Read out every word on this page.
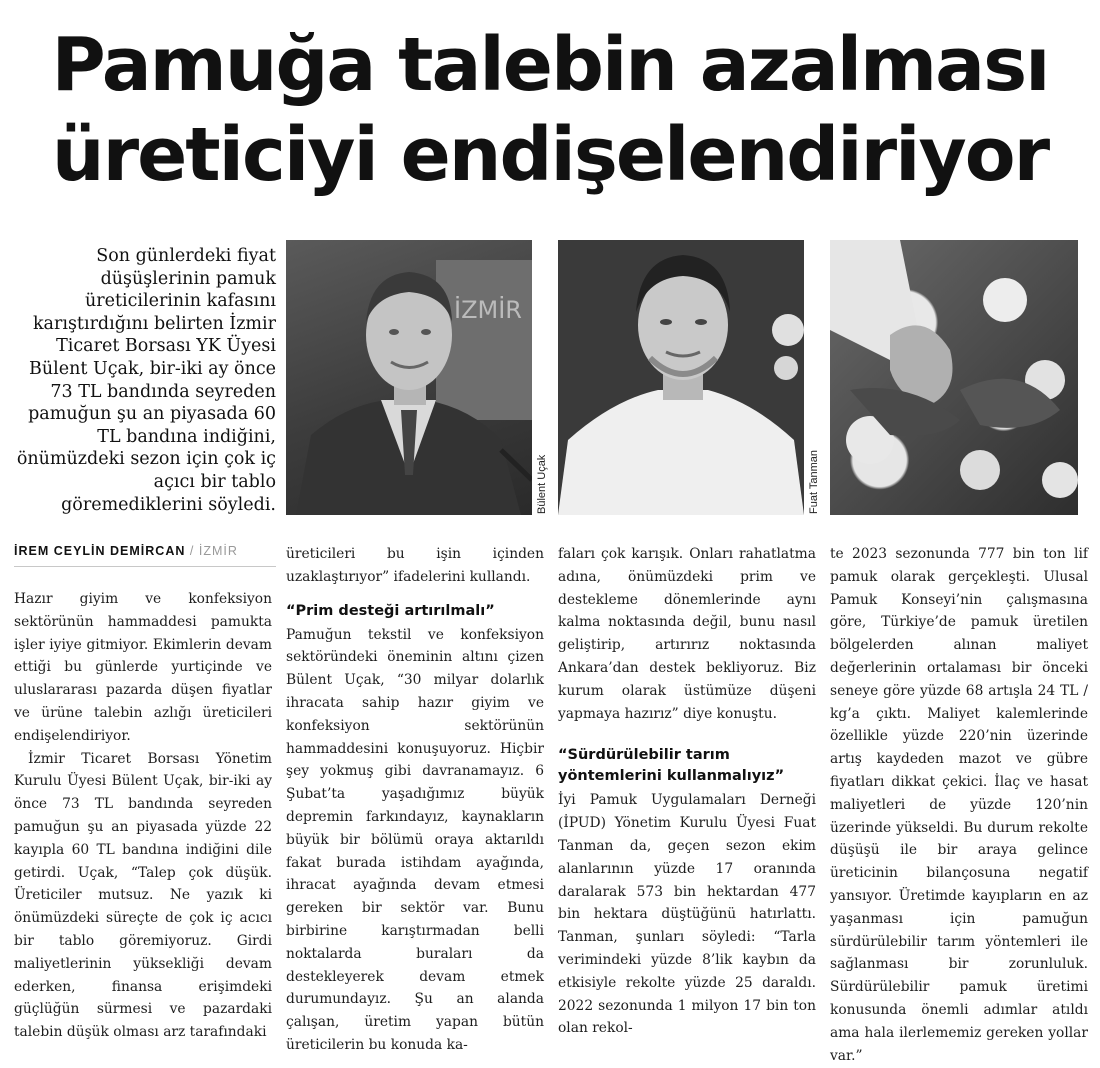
Pamuğa talebin azalması
üreticiyi endişelendiriyor
Son günlerdeki fiyat düşüşlerinin pamuk üreticilerinin kafasını karıştırdığını belirten İzmir Ticaret Borsası YK Üyesi Bülent Uçak, bir-iki ay önce 73 TL bandında seyreden pamuğun şu an piyasada 60 TL bandına indiğini, önümüzdeki sezon için çok iç açıcı bir tablo göremediklerini söyledi.
İZMİR
Bülent Uçak	Fuat Tanman
İREM CEYLİN DEMİRCAN / İZMİR

Hazır giyim ve konfeksiyon sektörünün hammaddesi pamukta işler iyiye gitmiyor. Ekimlerin devam ettiği bu günlerde yurtiçinde ve uluslararası pazarda düşen fiyatlar ve ürüne talebin azlığı üreticileri endişelendiriyor.

İzmir Ticaret Borsası Yönetim Kurulu Üyesi Bülent Uçak, bir-iki ay önce 73 TL bandında seyreden pamuğun şu an piyasada yüzde 22 kayıpla 60 TL bandına indiğini dile getirdi. Uçak, “Talep çok düşük. Üreticiler mutsuz. Ne yazık ki önümüzdeki süreçte de çok iç acıcı bir tablo göremiyoruz. Girdi maliyetlerinin yüksekliği devam ederken, finansa erişimdeki güçlüğün sürmesi ve pazardaki talebin düşük olması arz tarafındaki

üreticileri bu işin içinden uzaklaştırıyor” ifadelerini kullandı.

“Prim desteği artırılmalı”

Pamuğun tekstil ve konfeksiyon sektöründeki öneminin altını çizen Bülent Uçak, “30 milyar dolarlık ihracata sahip hazır giyim ve konfeksiyon sektörünün hammaddesini konuşuyoruz. Hiçbir şey yokmuş gibi davranamayız. 6 Şubat’ta yaşadığımız büyük depremin farkındayız, kaynakların büyük bir bölümü oraya aktarıldı fakat burada istihdam ayağında, ihracat ayağında devam etmesi gereken bir sektör var. Bunu birbirine karıştırmadan belli noktalarda buraları da destekleyerek devam etmek durumundayız. Şu an alanda çalışan, üretim yapan bütün üreticilerin bu konuda ka-

faları çok karışık. Onları rahatlatma adına, önümüzdeki prim ve destekleme dönemlerinde aynı kalma noktasında değil, bunu nasıl geliştirip, artırırız noktasında Ankara’dan destek bekliyoruz. Biz kurum olarak üstümüze düşeni yapmaya hazırız” diye konuştu.

“Sürdürülebilir tarım yöntemlerini kullanmalıyız”

İyi Pamuk Uygulamaları Derneği (İPUD) Yönetim Kurulu Üyesi Fuat Tanman da, geçen sezon ekim alanlarının yüzde 17 oranında daralarak 573 bin hektardan 477 bin hektara düştüğünü hatırlattı. Tanman, şunları söyledi: “Tarla verimindeki yüzde 8’lik kaybın da etkisiyle rekolte yüzde 25 daraldı. 2022 sezonunda 1 milyon 17 bin ton olan rekol-

te 2023 sezonunda 777 bin ton lif pamuk olarak gerçekleşti. Ulusal Pamuk Konseyi’nin çalışmasına göre, Türkiye’de pamuk üretilen bölgelerden alınan maliyet değerlerinin ortalaması bir önceki seneye göre yüzde 68 artışla 24 TL / kg’a çıktı. Maliyet kalemlerinde özellikle yüzde 220’nin üzerinde artış kaydeden mazot ve gübre fiyatları dikkat çekici. İlaç ve hasat maliyetleri de yüzde 120’nin üzerinde yükseldi. Bu durum rekolte düşüşü ile bir araya gelince üreticinin bilançosuna negatif yansıyor. Üretimde kayıpların en az yaşanması için pamuğun sürdürülebilir tarım yöntemleri ile sağlanması bir zorunluluk. Sürdürülebilir pamuk üretimi konusunda önemli adımlar atıldı ama hala ilerlememiz gereken yollar var.”
